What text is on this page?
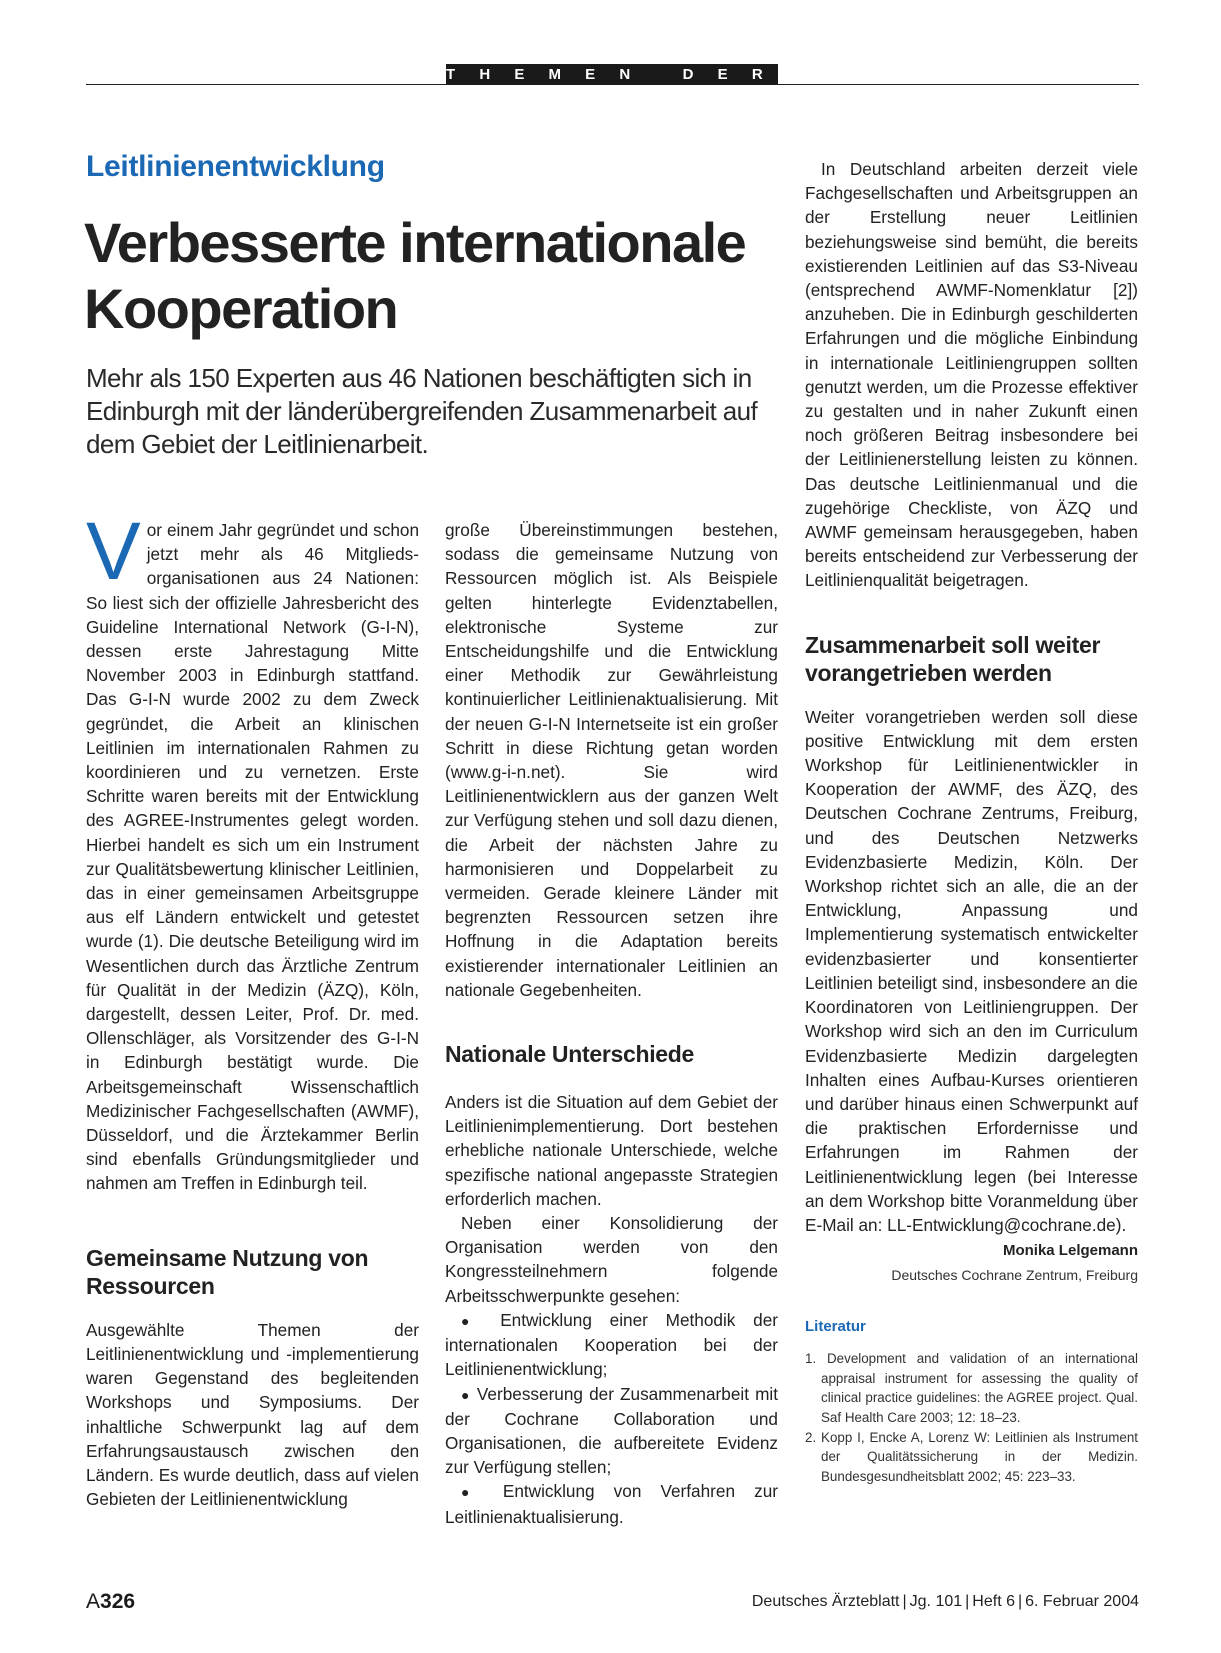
T H E M E N   D E R   Z E I T
Leitlinienentwicklung
Verbesserte internationale Kooperation
Mehr als 150 Experten aus 46 Nationen beschäftigten sich in Edinburgh mit der länderübergreifenden Zusammenarbeit auf dem Gebiet der Leitlinienarbeit.

Vor einem Jahr gegründet und schon jetzt mehr als 46 Mitglieds-organisationen aus 24 Nationen: So liest sich der offizielle Jahresbericht des Guideline International Network (G-I-N), dessen erste Jahrestagung Mitte November 2003 in Edinburgh stattfand. Das G-I-N wurde 2002 zu dem Zweck gegründet, die Arbeit an klinischen Leitlinien im internationalen Rahmen zu koordinieren und zu vernetzen. Erste Schritte waren bereits mit der Entwicklung des AGREE-Instrumentes gelegt worden. Hierbei handelt es sich um ein Instrument zur Qualitätsbewertung klinischer Leitlinien, das in einer gemeinsamen Arbeitsgruppe aus elf Ländern entwickelt und getestet wurde (1). Die deutsche Beteiligung wird im Wesentlichen durch das Ärztliche Zentrum für Qualität in der Medizin (ÄZQ), Köln, dargestellt, dessen Leiter, Prof. Dr. med. Ollenschläger, als Vorsitzender des G-I-N in Edinburgh bestätigt wurde. Die Arbeitsgemeinschaft Wissenschaftlich Medizinischer Fachgesellschaften (AWMF), Düsseldorf, und die Ärztekammer Berlin sind ebenfalls Gründungsmitglieder und nahmen am Treffen in Edinburgh teil.

Gemeinsame Nutzung von Ressourcen

Ausgewählte Themen der Leitlinienentwicklung und -implementierung waren Gegenstand des begleitenden Workshops und Symposiums. Der inhaltliche Schwerpunkt lag auf dem Erfahrungsaustausch zwischen den Ländern. Es wurde deutlich, dass auf vielen Gebieten der Leitlinienentwicklung

große Übereinstimmungen bestehen, sodass die gemeinsame Nutzung von Ressourcen möglich ist. Als Beispiele gelten hinterlegte Evidenztabellen, elektronische Systeme zur Entscheidungshilfe und die Entwicklung einer Methodik zur Gewährleistung kontinuierlicher Leitlinienaktualisierung. Mit der neuen G-I-N Internetseite ist ein großer Schritt in diese Richtung getan worden (www.g-i-n.net). Sie wird Leitlinienentwicklern aus der ganzen Welt zur Verfügung stehen und soll dazu dienen, die Arbeit der nächsten Jahre zu harmonisieren und Doppelarbeit zu vermeiden. Gerade kleinere Länder mit begrenzten Ressourcen setzen ihre Hoffnung in die Adaptation bereits existierender internationaler Leitlinien an nationale Gegebenheiten.

Nationale Unterschiede

Anders ist die Situation auf dem Gebiet der Leitlinienimplementierung. Dort bestehen erhebliche nationale Unterschiede, welche spezifische national angepasste Strategien erforderlich machen.

Neben einer Konsolidierung der Organisation werden von den Kongressteilnehmern folgende Arbeitsschwerpunkte gesehen:

● Entwicklung einer Methodik der internationalen Kooperation bei der Leitlinienentwicklung;

● Verbesserung der Zusammenarbeit mit der Cochrane Collaboration und Organisationen, die aufbereitete Evidenz zur Verfügung stellen;

● Entwicklung von Verfahren zur Leitlinienaktualisierung.

In Deutschland arbeiten derzeit viele Fachgesellschaften und Arbeitsgruppen an der Erstellung neuer Leitlinien beziehungsweise sind bemüht, die bereits existierenden Leitlinien auf das S3-Niveau (entsprechend AWMF-Nomenklatur [2]) anzuheben. Die in Edinburgh geschilderten Erfahrungen und die mögliche Einbindung in internationale Leitliniengruppen sollten genutzt werden, um die Prozesse effektiver zu gestalten und in naher Zukunft einen noch größeren Beitrag insbesondere bei der Leitlinienerstellung leisten zu können. Das deutsche Leitlinienmanual und die zugehörige Checkliste, von ÄZQ und AWMF gemeinsam herausgegeben, haben bereits entscheidend zur Verbesserung der Leitlinienqualität beigetragen.

Zusammenarbeit soll weiter vorangetrieben werden

Weiter vorangetrieben werden soll diese positive Entwicklung mit dem ersten Workshop für Leitlinienentwickler in Kooperation der AWMF, des ÄZQ, des Deutschen Cochrane Zentrums, Freiburg, und des Deutschen Netzwerks Evidenzbasierte Medizin, Köln. Der Workshop richtet sich an alle, die an der Entwicklung, Anpassung und Implementierung systematisch entwickelter evidenzbasierter und konsentierter Leitlinien beteiligt sind, insbesondere an die Koordinatoren von Leitliniengruppen. Der Workshop wird sich an den im Curriculum Evidenzbasierte Medizin dargelegten Inhalten eines Aufbau-Kurses orientieren und darüber hinaus einen Schwerpunkt auf die praktischen Erfordernisse und Erfahrungen im Rahmen der Leitlinienentwicklung legen (bei Interesse an dem Workshop bitte Voranmeldung über E-Mail an: LL-Entwicklung@cochrane.de).

Monika Lelgemann
Deutsches Cochrane Zentrum, Freiburg
Literatur
1. Development and validation of an international appraisal instrument for assessing the quality of clinical practice guidelines: the AGREE project. Qual. Saf Health Care 2003; 12: 18–23.
2. Kopp I, Encke A, Lorenz W: Leitlinien als Instrument der Qualitätssicherung in der Medizin. Bundesgesundheitsblatt 2002; 45: 223–33.
A326	Deutsches Ärzteblatt | Jg. 101 | Heft 6 | 6. Februar 2004
